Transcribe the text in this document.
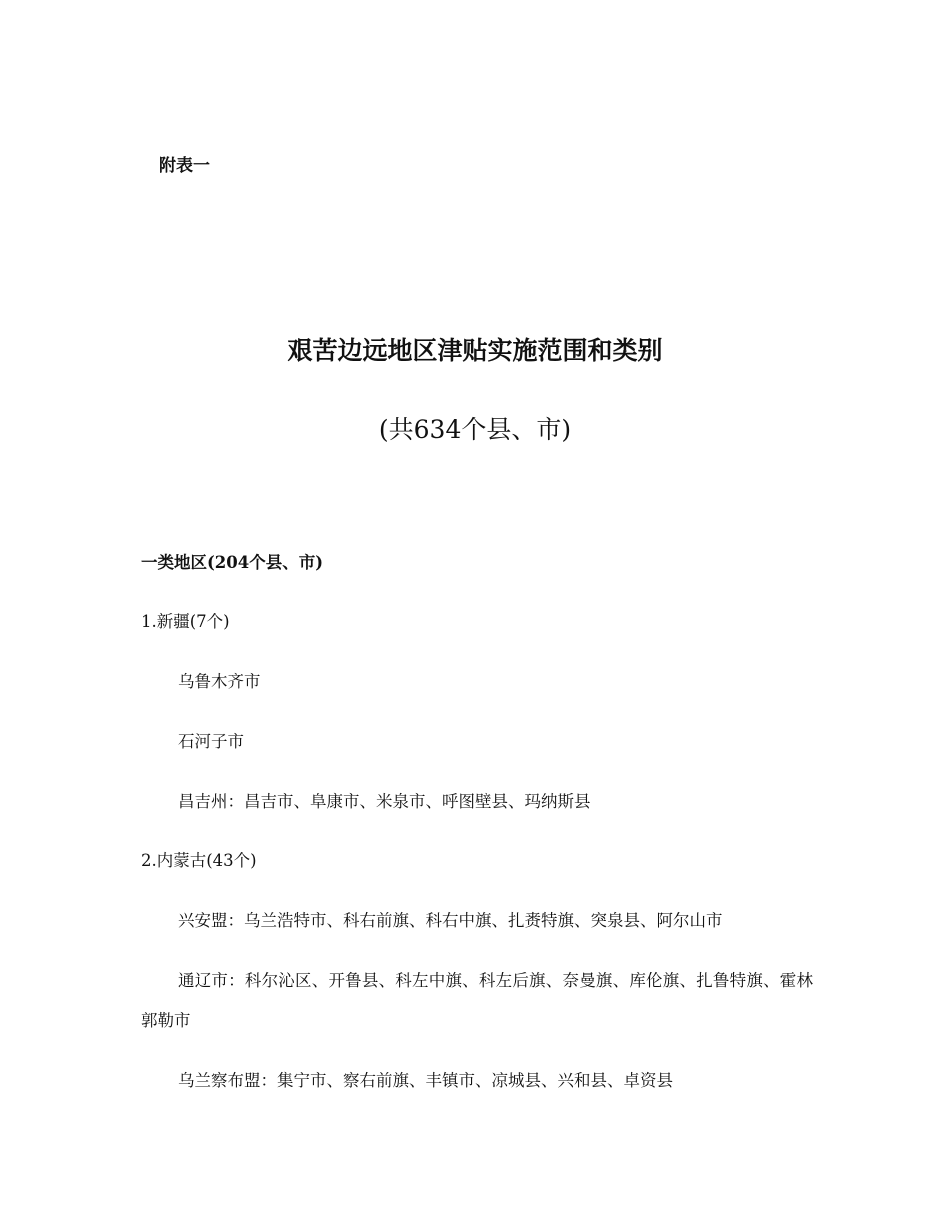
附表一
艰苦边远地区津贴实施范围和类别
(共634个县、市)
一类地区(204个县、市)
1.新疆(7个)
乌鲁木齐市
石河子市
昌吉州：昌吉市、阜康市、米泉市、呼图壁县、玛纳斯县
2.内蒙古(43个)
兴安盟：乌兰浩特市、科右前旗、科右中旗、扎赉特旗、突泉县、阿尔山市
通辽市：科尔沁区、开鲁县、科左中旗、科左后旗、奈曼旗、库伦旗、扎鲁特旗、霍林郭勒市
乌兰察布盟：集宁市、察右前旗、丰镇市、凉城县、兴和县、卓资县
